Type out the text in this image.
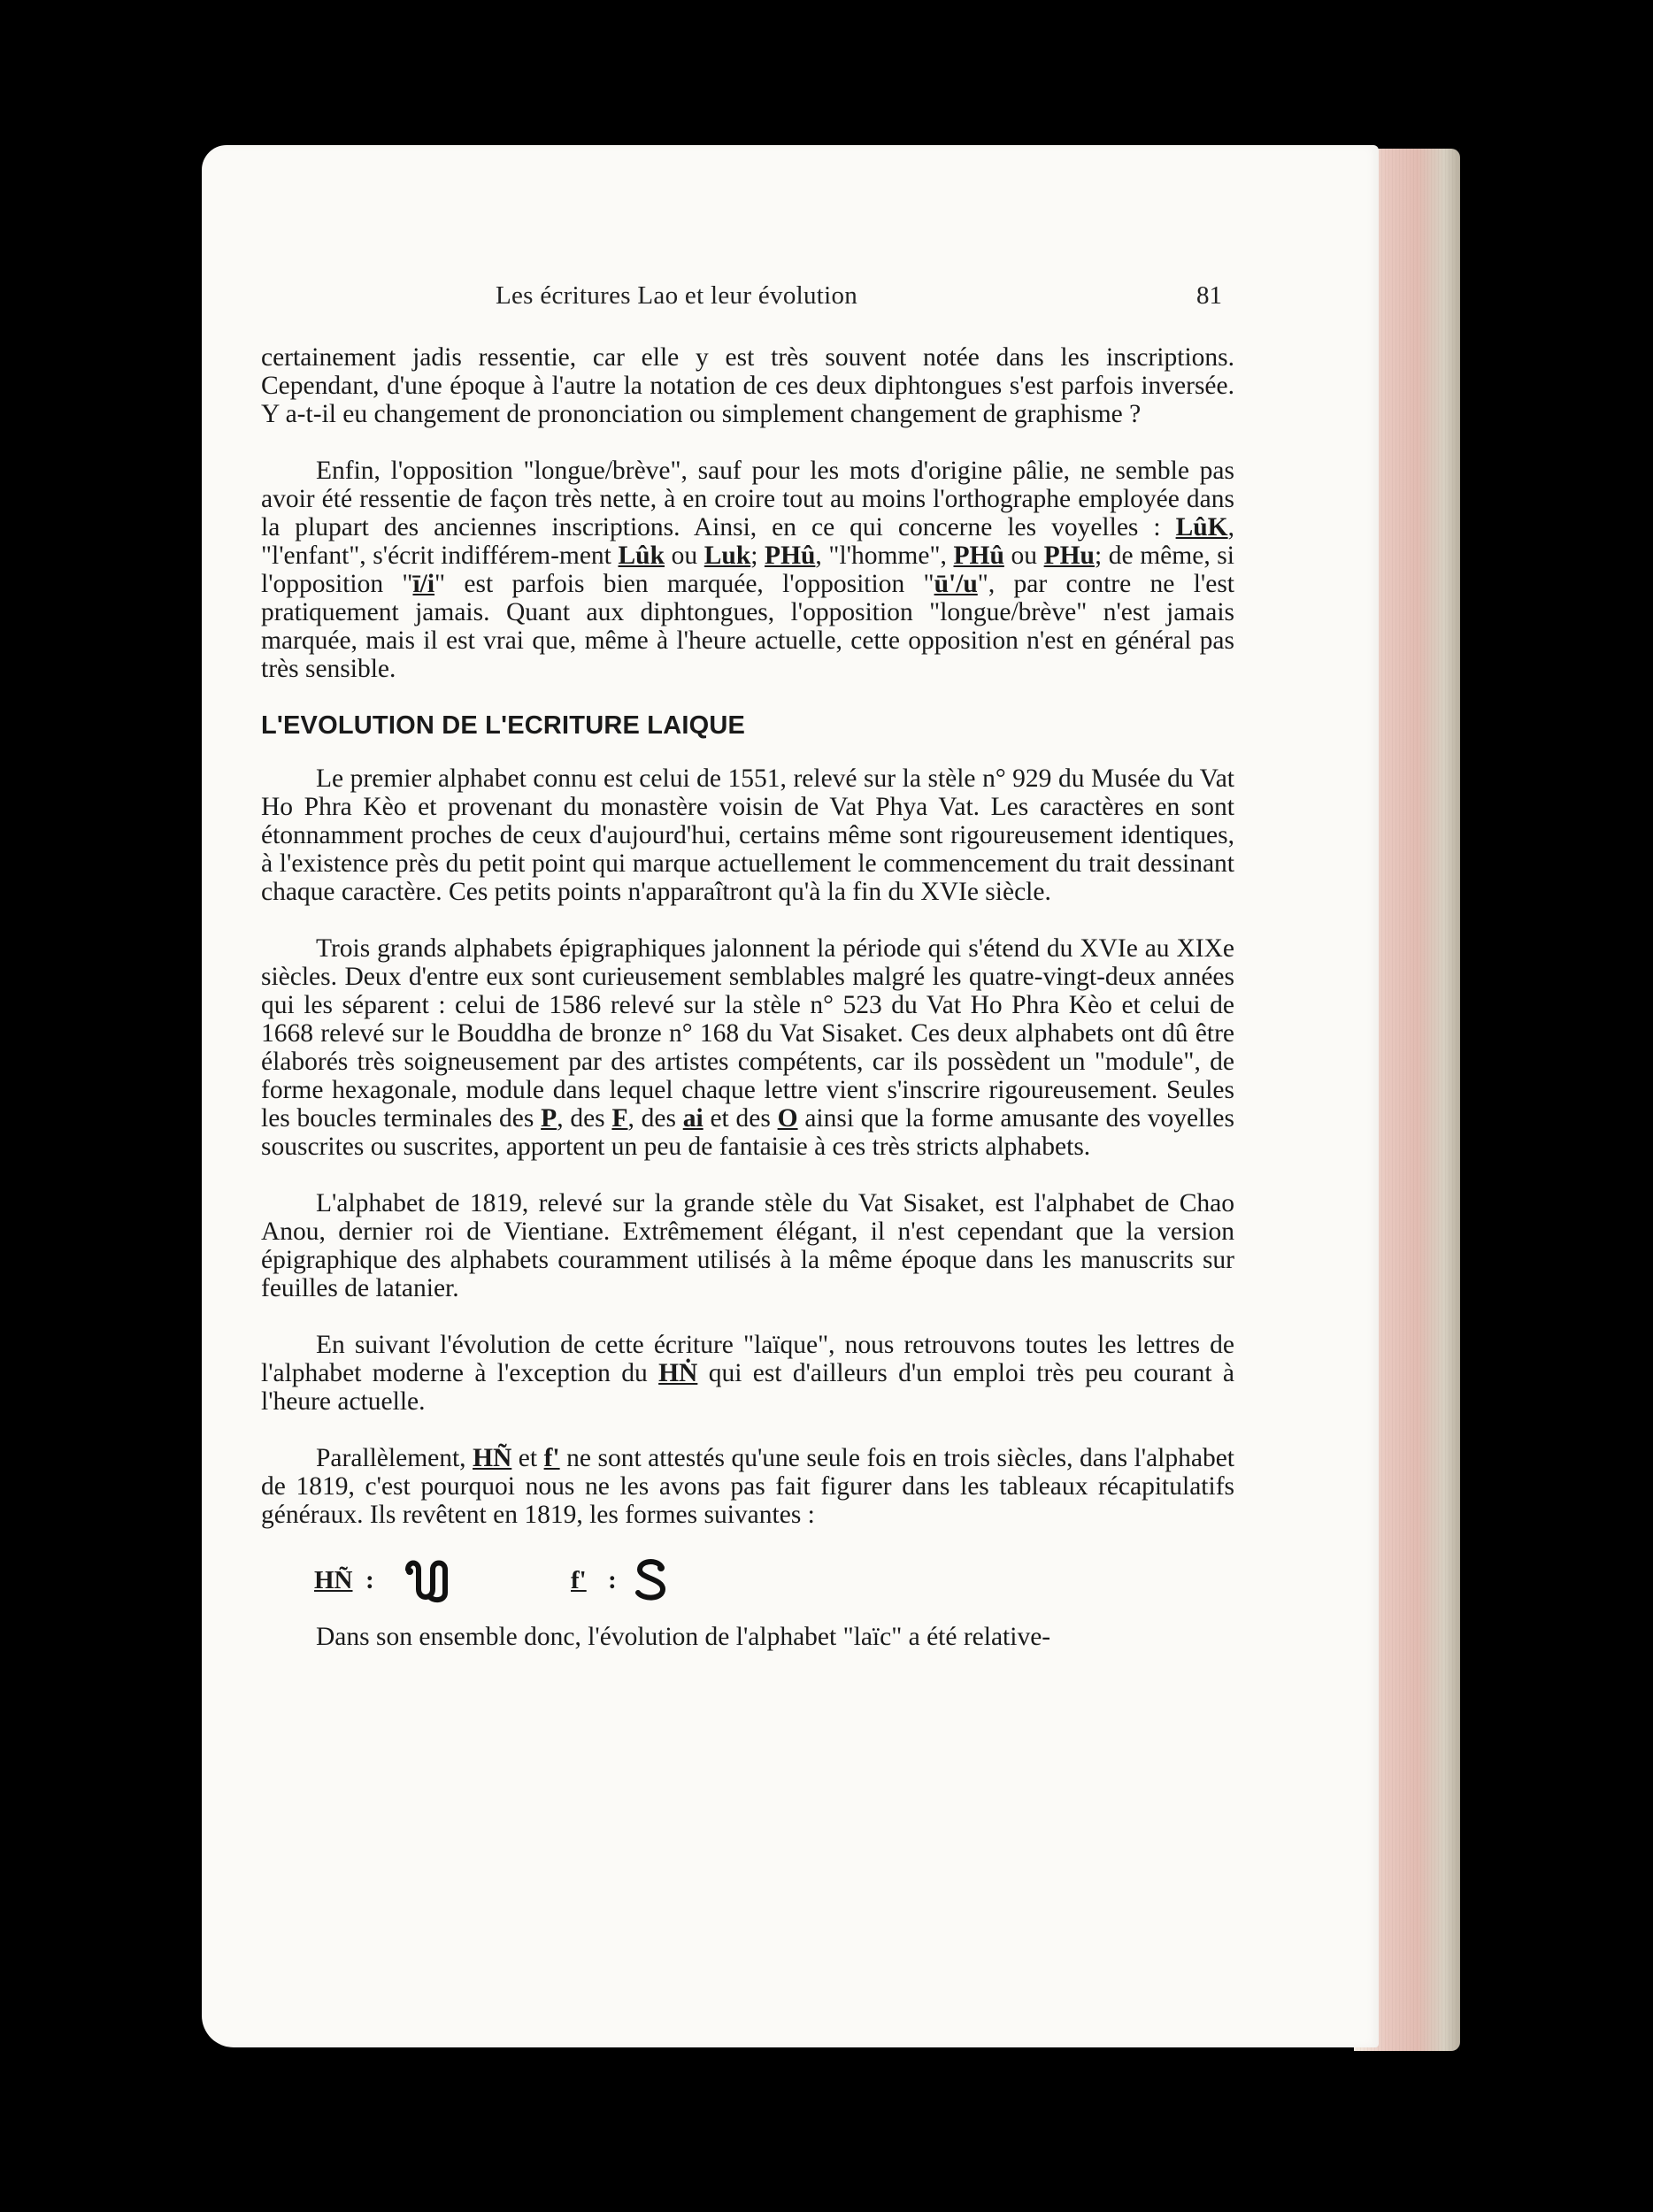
Les écritures Lao et leur évolution	81

certainement jadis ressentie, car elle y est très souvent notée dans les inscriptions. Cependant, d'une époque à l'autre la notation de ces deux diphtongues s'est parfois inversée. Y a-t-il eu changement de prononciation ou simplement changement de graphisme ?

Enfin, l'opposition "longue/brève", sauf pour les mots d'origine pâlie, ne semble pas avoir été ressentie de façon très nette, à en croire tout au moins l'orthographe employée dans la plupart des anciennes inscriptions. Ainsi, en ce qui concerne les voyelles : LûK, "l'enfant", s'écrit indifférem-ment Lûk ou Luk; PHû, "l'homme", PHû ou PHu; de même, si l'opposition "ī/i" est parfois bien marquée, l'opposition "ū'/u", par contre ne l'est pratiquement jamais. Quant aux diphtongues, l'opposition "longue/brève" n'est jamais marquée, mais il est vrai que, même à l'heure actuelle, cette opposition n'est en général pas très sensible.

L'EVOLUTION DE L'ECRITURE LAIQUE

Le premier alphabet connu est celui de 1551, relevé sur la stèle n° 929 du Musée du Vat Ho Phra Kèo et provenant du monastère voisin de Vat Phya Vat. Les caractères en sont étonnamment proches de ceux d'aujourd'hui, certains même sont rigoureusement identiques, à l'existence près du petit point qui marque actuellement le commencement du trait dessinant chaque caractère. Ces petits points n'apparaîtront qu'à la fin du XVIe siècle.

Trois grands alphabets épigraphiques jalonnent la période qui s'étend du XVIe au XIXe siècles. Deux d'entre eux sont curieusement semblables malgré les quatre-vingt-deux années qui les séparent : celui de 1586 relevé sur la stèle n° 523 du Vat Ho Phra Kèo et celui de 1668 relevé sur le Bouddha de bronze n° 168 du Vat Sisaket. Ces deux alphabets ont dû être élaborés très soigneusement par des artistes compétents, car ils possèdent un "module", de forme hexagonale, module dans lequel chaque lettre vient s'inscrire rigoureusement. Seules les boucles terminales des P, des F, des ai et des O ainsi que la forme amusante des voyelles souscrites ou suscrites, apportent un peu de fantaisie à ces très stricts alphabets.

L'alphabet de 1819, relevé sur la grande stèle du Vat Sisaket, est l'alphabet de Chao Anou, dernier roi de Vientiane. Extrêmement élégant, il n'est cependant que la version épigraphique des alphabets couramment utilisés à la même époque dans les manuscrits sur feuilles de latanier.

En suivant l'évolution de cette écriture "laïque", nous retrouvons toutes les lettres de l'alphabet moderne à l'exception du HṄ qui est d'ailleurs d'un emploi très peu courant à l'heure actuelle.

Parallèlement, HÑ et f' ne sont attestés qu'une seule fois en trois siècles, dans l'alphabet de 1819, c'est pourquoi nous ne les avons pas fait figurer dans les tableaux récapitulatifs généraux. Ils revêtent en 1819, les formes suivantes :

HÑ :	f' :

Dans son ensemble donc, l'évolution de l'alphabet "laïc" a été relative-
